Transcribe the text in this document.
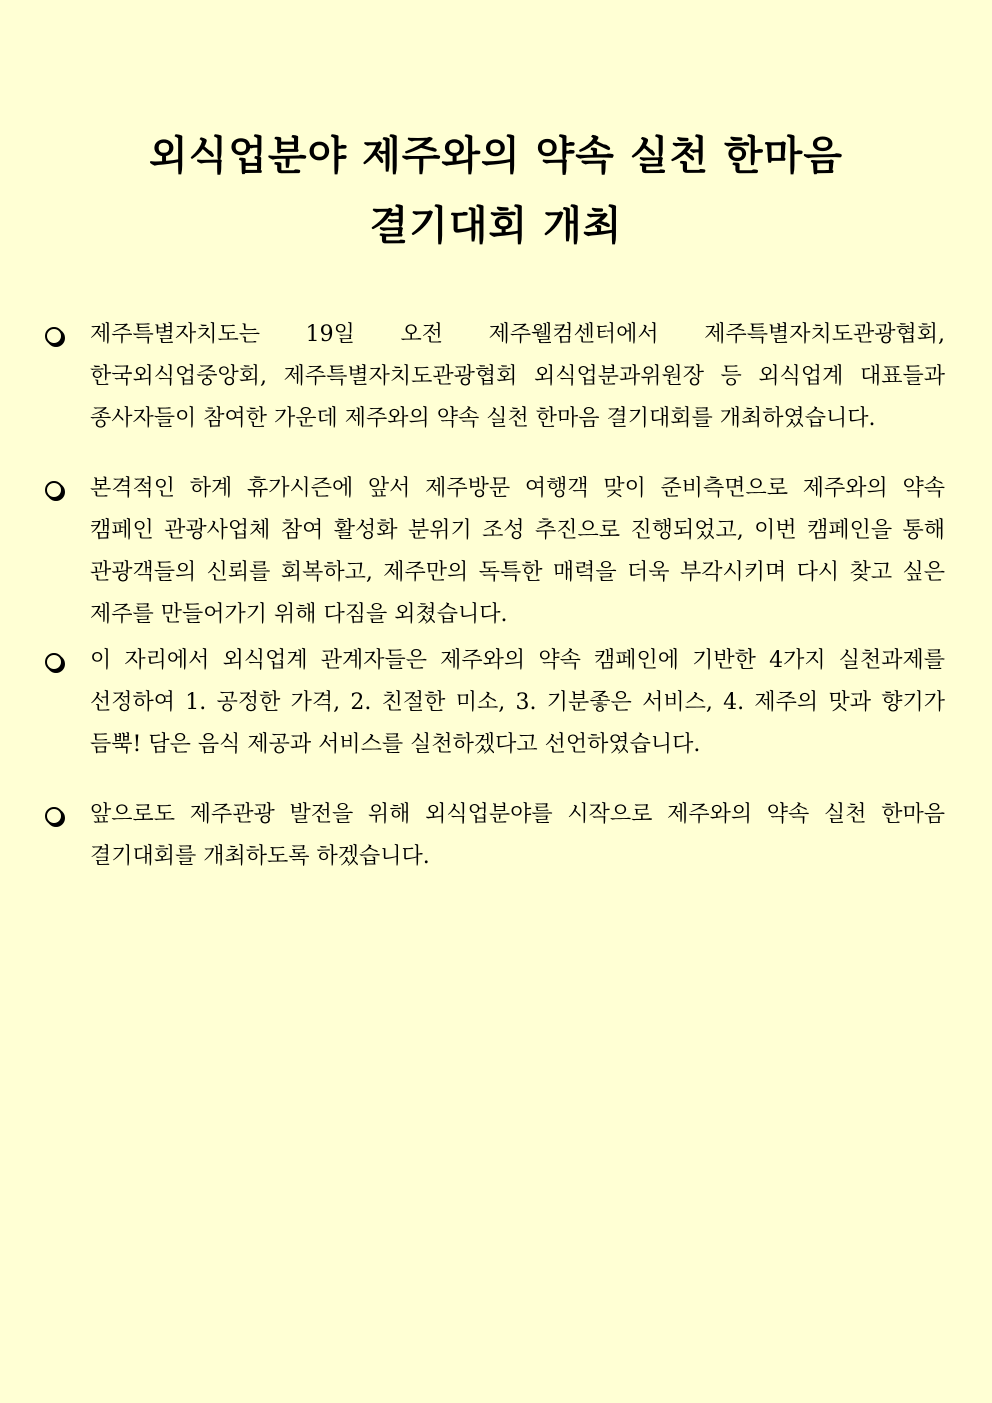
외식업분야 제주와의 약속 실천 한마음
결기대회 개최
제주특별자치도는 19일 오전 제주웰컴센터에서 제주특별자치도관광협회, 한국외식업중앙회, 제주특별자치도관광협회 외식업분과위원장 등 외식업계 대표들과 종사자들이 참여한 가운데 제주와의 약속 실천 한마음 결기대회를 개최하였습니다.
본격적인 하계 휴가시즌에 앞서 제주방문 여행객 맞이 준비측면으로 제주와의 약속 캠페인 관광사업체 참여 활성화 분위기 조성 추진으로 진행되었고, 이번 캠페인을 통해 관광객들의 신뢰를 회복하고, 제주만의 독특한 매력을 더욱 부각시키며 다시 찾고 싶은 제주를 만들어가기 위해 다짐을 외쳤습니다.
이 자리에서 외식업계 관계자들은 제주와의 약속 캠페인에 기반한 4가지 실천과제를 선정하여 1. 공정한 가격, 2. 친절한 미소, 3. 기분좋은 서비스, 4. 제주의 맛과 향기가 듬뿍! 담은 음식 제공과 서비스를 실천하겠다고 선언하였습니다.
앞으로도 제주관광 발전을 위해 외식업분야를 시작으로 제주와의 약속 실천 한마음 결기대회를 개최하도록 하겠습니다.
